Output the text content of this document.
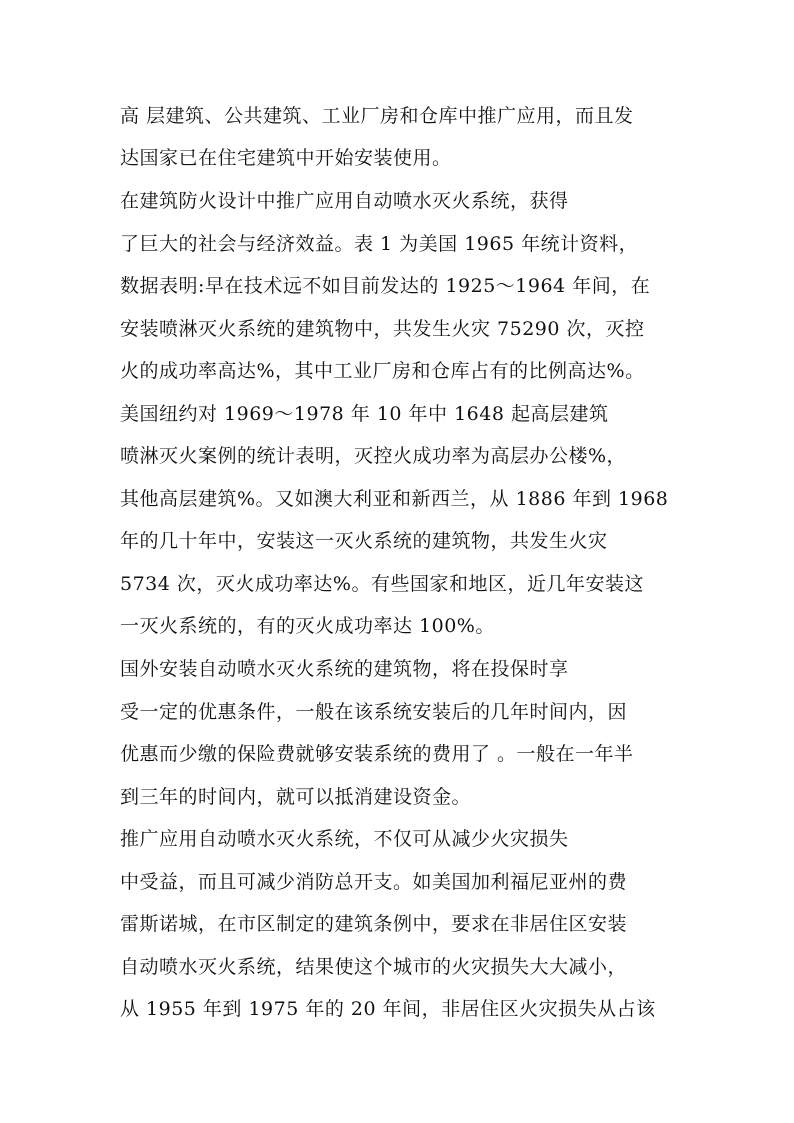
高 层建筑、公共建筑、工业厂房和仓库中推广应用，而且发
达国家已在住宅建筑中开始安装使用。
在建筑防火设计中推广应用自动喷水灭火系统，获得
了巨大的社会与经济效益。表 1 为美国 1965 年统计资料，
数据表明:早在技术远不如目前发达的 1925～1964 年间，在
安装喷淋灭火系统的建筑物中，共发生火灾 75290 次，灭控
火的成功率高达%，其中工业厂房和仓库占有的比例高达%。
美国纽约对 1969～1978 年 10 年中 1648 起高层建筑
喷淋灭火案例的统计表明，灭控火成功率为高层办公楼%，
其他高层建筑%。又如澳大利亚和新西兰，从 1886 年到 1968
年的几十年中，安装这一灭火系统的建筑物，共发生火灾
5734 次，灭火成功率达%。有些国家和地区，近几年安装这
一灭火系统的，有的灭火成功率达 100%。
国外安装自动喷水灭火系统的建筑物，将在投保时享
受一定的优惠条件，一般在该系统安装后的几年时间内，因
优惠而少缴的保险费就够安装系统的费用了 。一般在一年半
到三年的时间内，就可以抵消建设资金。
推广应用自动喷水灭火系统，不仅可从减少火灾损失
中受益，而且可减少消防总开支。如美国加利福尼亚州的费
雷斯诺城，在市区制定的建筑条例中，要求在非居住区安装
自动喷水灭火系统，结果使这个城市的火灾损失大大减小，
从 1955 年到 1975 年的 20 年间，非居住区火灾损失从占该
